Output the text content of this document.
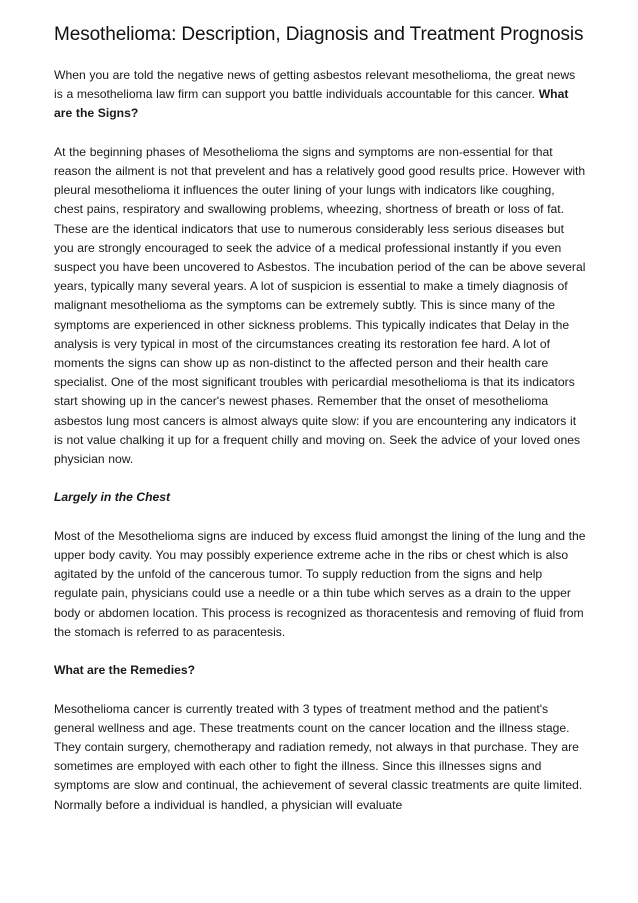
Mesothelioma: Description, Diagnosis and Treatment Prognosis

When you are told the negative news of getting asbestos relevant mesothelioma, the great news is a mesothelioma law firm can support you battle individuals accountable for this cancer. What are the Signs?

At the beginning phases of Mesothelioma the signs and symptoms are non-essential for that reason the ailment is not that prevelent and has a relatively good good results price. However with pleural mesothelioma it influences the outer lining of your lungs with indicators like coughing, chest pains, respiratory and swallowing problems, wheezing, shortness of breath or loss of fat. These are the identical indicators that use to numerous considerably less serious diseases but you are strongly encouraged to seek the advice of a medical professional instantly if you even suspect you have been uncovered to Asbestos. The incubation period of the can be above several years, typically many several years. A lot of suspicion is essential to make a timely diagnosis of malignant mesothelioma as the symptoms can be extremely subtly. This is since many of the symptoms are experienced in other sickness problems. This typically indicates that Delay in the analysis is very typical in most of the circumstances creating its restoration fee hard. A lot of moments the signs can show up as non-distinct to the affected person and their health care specialist. One of the most significant troubles with pericardial mesothelioma is that its indicators start showing up in the cancer's newest phases. Remember that the onset of mesothelioma asbestos lung most cancers is almost always quite slow: if you are encountering any indicators it is not value chalking it up for a frequent chilly and moving on. Seek the advice of your loved ones physician now.

Largely in the Chest

Most of the Mesothelioma signs are induced by excess fluid amongst the lining of the lung and the upper body cavity. You may possibly experience extreme ache in the ribs or chest which is also agitated by the unfold of the cancerous tumor. To supply reduction from the signs and help regulate pain, physicians could use a needle or a thin tube which serves as a drain to the upper body or abdomen location. This process is recognized as thoracentesis and removing of fluid from the stomach is referred to as paracentesis.

What are the Remedies?

Mesothelioma cancer is currently treated with 3 types of treatment method and the patient's general wellness and age. These treatments count on the cancer location and the illness stage. They contain surgery, chemotherapy and radiation remedy, not always in that purchase. They are sometimes are employed with each other to fight the illness. Since this illnesses signs and symptoms are slow and continual, the achievement of several classic treatments are quite limited. Normally before a individual is handled, a physician will evaluate
